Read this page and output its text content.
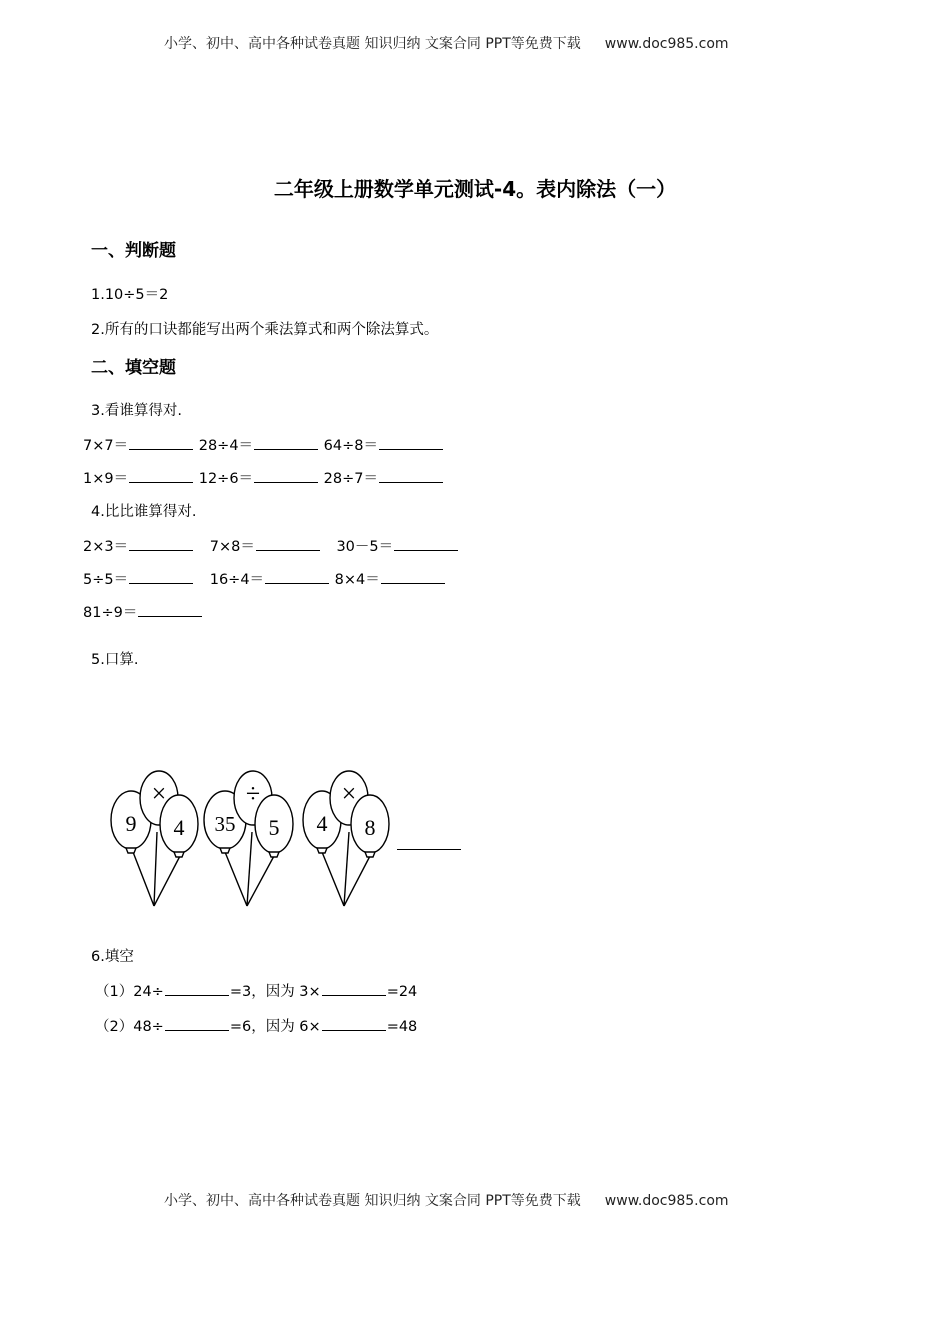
小学、初中、高中各种试卷真题 知识归纳 文案合同 PPT等免费下载 www.doc985.com
二年级上册数学单元测试-4。表内除法（一）
一、判断题
1.10÷5＝2
2.所有的口诀都能写出两个乘法算式和两个除法算式。
二、填空题
3.看谁算得对.
7×7＝	28÷4＝	64÷8＝
1×9＝	12÷6＝	28÷7＝
4.比比谁算得对.
2×3＝	7×8＝	30－5＝
5÷5＝	16÷4＝	8×4＝
81÷9＝
5.口算.
9
×
4 35
÷
5 4
×
8
6.填空
（1）24÷	=3，因为 3×	=24
（2）48÷	=6，因为 6×	=48
小学、初中、高中各种试卷真题 知识归纳 文案合同 PPT等免费下载 www.doc985.com
